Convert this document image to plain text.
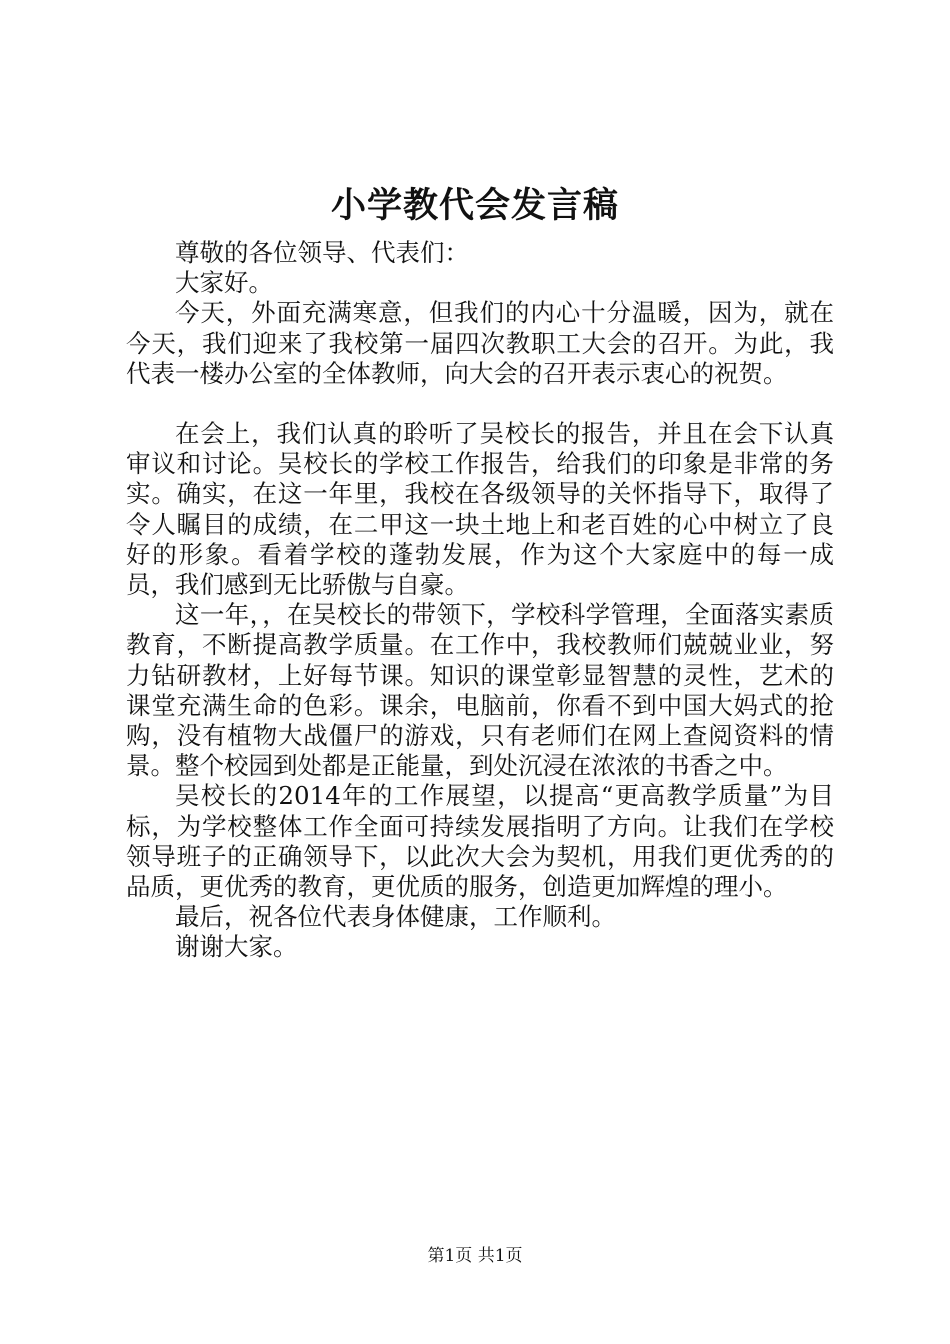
小学教代会发言稿

尊敬的各位领导、代表们：

大家好。

今天，外面充满寒意，但我们的内心十分温暖，因为，就在今天，我们迎来了我校第一届四次教职工大会的召开。为此，我代表一楼办公室的全体教师，向大会的召开表示衷心的祝贺。

在会上，我们认真的聆听了吴校长的报告，并且在会下认真审议和讨论。吴校长的学校工作报告，给我们的印象是非常的务实。确实，在这一年里，我校在各级领导的关怀指导下，取得了令人瞩目的成绩，在二甲这一块土地上和老百姓的心中树立了良好的形象。看着学校的蓬勃发展，作为这个大家庭中的每一成员，我们感到无比骄傲与自豪。

这一年，，在吴校长的带领下，学校科学管理，全面落实素质教育，不断提高教学质量。在工作中，我校教师们兢兢业业，努力钻研教材，上好每节课。知识的课堂彰显智慧的灵性，艺术的课堂充满生命的色彩。课余，电脑前，你看不到中国大妈式的抢购，没有植物大战僵尸的游戏，只有老师们在网上查阅资料的情景。整个校园到处都是正能量，到处沉浸在浓浓的书香之中。

吴校长的2014年的工作展望，以提高“更高教学质量”为目标，为学校整体工作全面可持续发展指明了方向。让我们在学校领导班子的正确领导下，以此次大会为契机，用我们更优秀的的品质，更优秀的教育，更优质的服务，创造更加辉煌的理小。

最后，祝各位代表身体健康，工作顺利。

谢谢大家。

第1页 共1页
